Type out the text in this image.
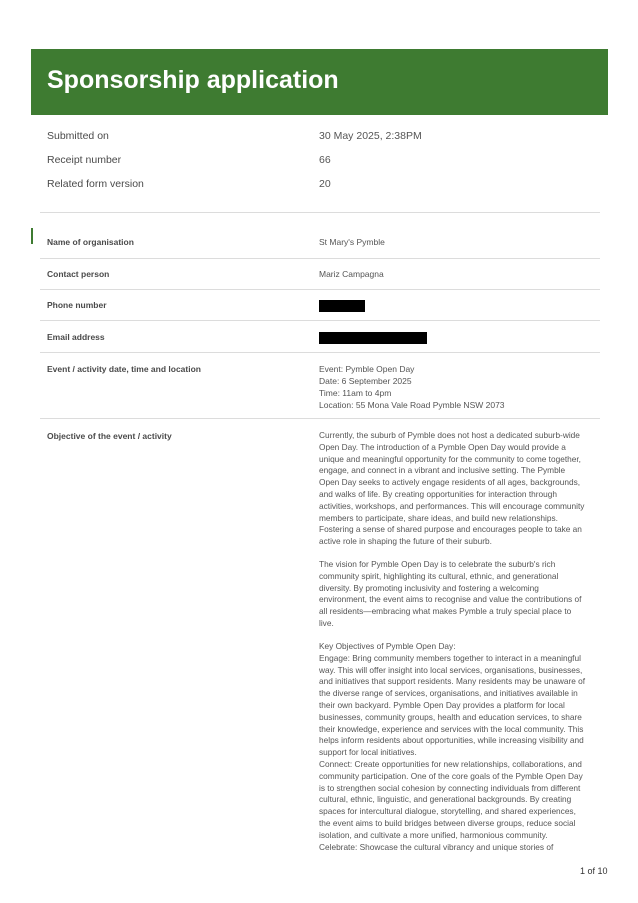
Sponsorship application
Submitted on	30 May 2025, 2:38PM
Receipt number	66
Related form version	20
Name of organisation	St Mary's Pymble
Contact person	Mariz Campagna
Phone number
Email address
Event / activity date, time and location	Event: Pymble Open Day
Date: 6 September 2025
Time: 11am to 4pm
Location: 55 Mona Vale Road Pymble NSW 2073
Objective of the event / activity	Currently, the suburb of Pymble does not host a dedicated suburb-wide
Open Day. The introduction of a Pymble Open Day would provide a
unique and meaningful opportunity for the community to come together,
engage, and connect in a vibrant and inclusive setting. The Pymble
Open Day seeks to actively engage residents of all ages, backgrounds,
and walks of life. By creating opportunities for interaction through
activities, workshops, and performances. This will encourage community
members to participate, share ideas, and build new relationships.
Fostering a sense of shared purpose and encourages people to take an
active role in shaping the future of their suburb.
The vision for Pymble Open Day is to celebrate the suburb's rich
community spirit, highlighting its cultural, ethnic, and generational
diversity. By promoting inclusivity and fostering a welcoming
environment, the event aims to recognise and value the contributions of
all residents—embracing what makes Pymble a truly special place to
live.
Key Objectives of Pymble Open Day:
Engage: Bring community members together to interact in a meaningful
way. This will offer insight into local services, organisations, businesses,
and initiatives that support residents. Many residents may be unaware of
the diverse range of services, organisations, and initiatives available in
their own backyard. Pymble Open Day provides a platform for local
businesses, community groups, health and education services, to share
their knowledge, experience and services with the local community. This
helps inform residents about opportunities, while increasing visibility and
support for local initiatives.
Connect: Create opportunities for new relationships, collaborations, and
community participation. One of the core goals of the Pymble Open Day
is to strengthen social cohesion by connecting individuals from different
cultural, ethnic, linguistic, and generational backgrounds. By creating
spaces for intercultural dialogue, storytelling, and shared experiences,
the event aims to build bridges between diverse groups, reduce social
isolation, and cultivate a more unified, harmonious community.
Celebrate: Showcase the cultural vibrancy and unique stories of
1 of 10
